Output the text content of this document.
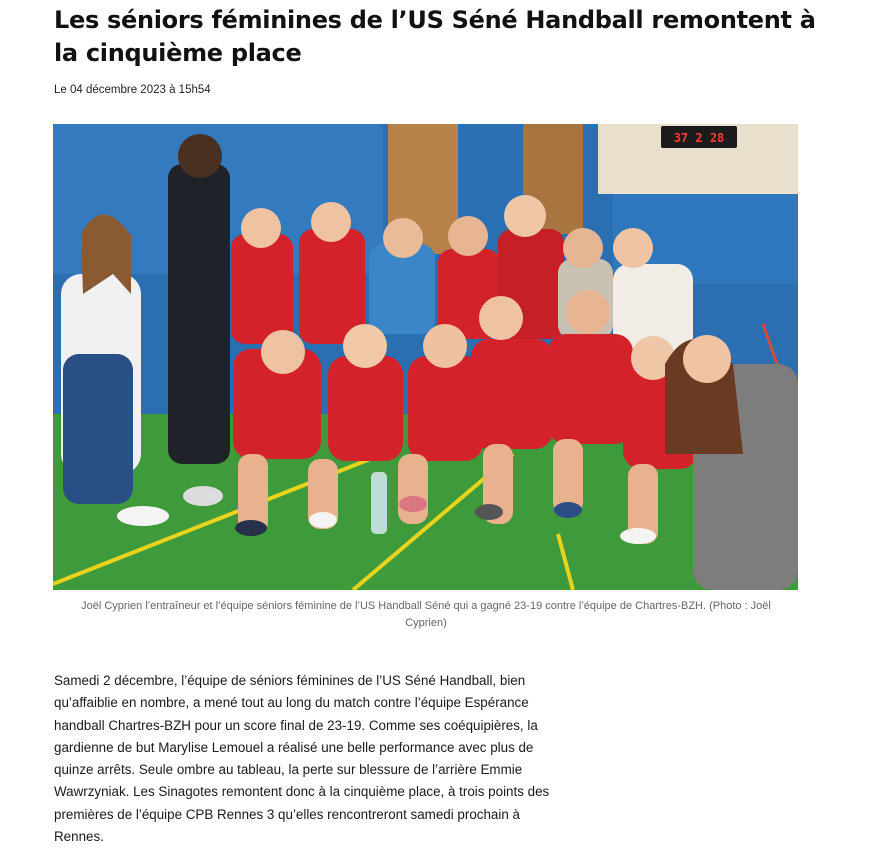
Les séniors féminines de l’US Séné Handball remontent à la cinquième place

Le 04 décembre 2023 à 15h54

37 2 28

Joël Cyprien l’entraîneur et l’équipe séniors féminine de l’US Handball Séné qui a gagné 23-19 contre l’équipe de Chartres-BZH. (Photo : Joël Cyprien)

Samedi 2 décembre, l’équipe de séniors féminines de l’US Séné Handball, bien qu’affaiblie en nombre, a mené tout au long du match contre l’équipe Espérance handball Chartres-BZH pour un score final de 23-19. Comme ses coéquipières, la gardienne de but Marylise Lemouel a réalisé une belle performance avec plus de quinze arrêts. Seule ombre au tableau, la perte sur blessure de l’arrière Emmie Wawrzyniak. Les Sinagotes remontent donc à la cinquième place, à trois points des premières de l’équipe CPB Rennes 3 qu’elles rencontreront samedi prochain à Rennes.
